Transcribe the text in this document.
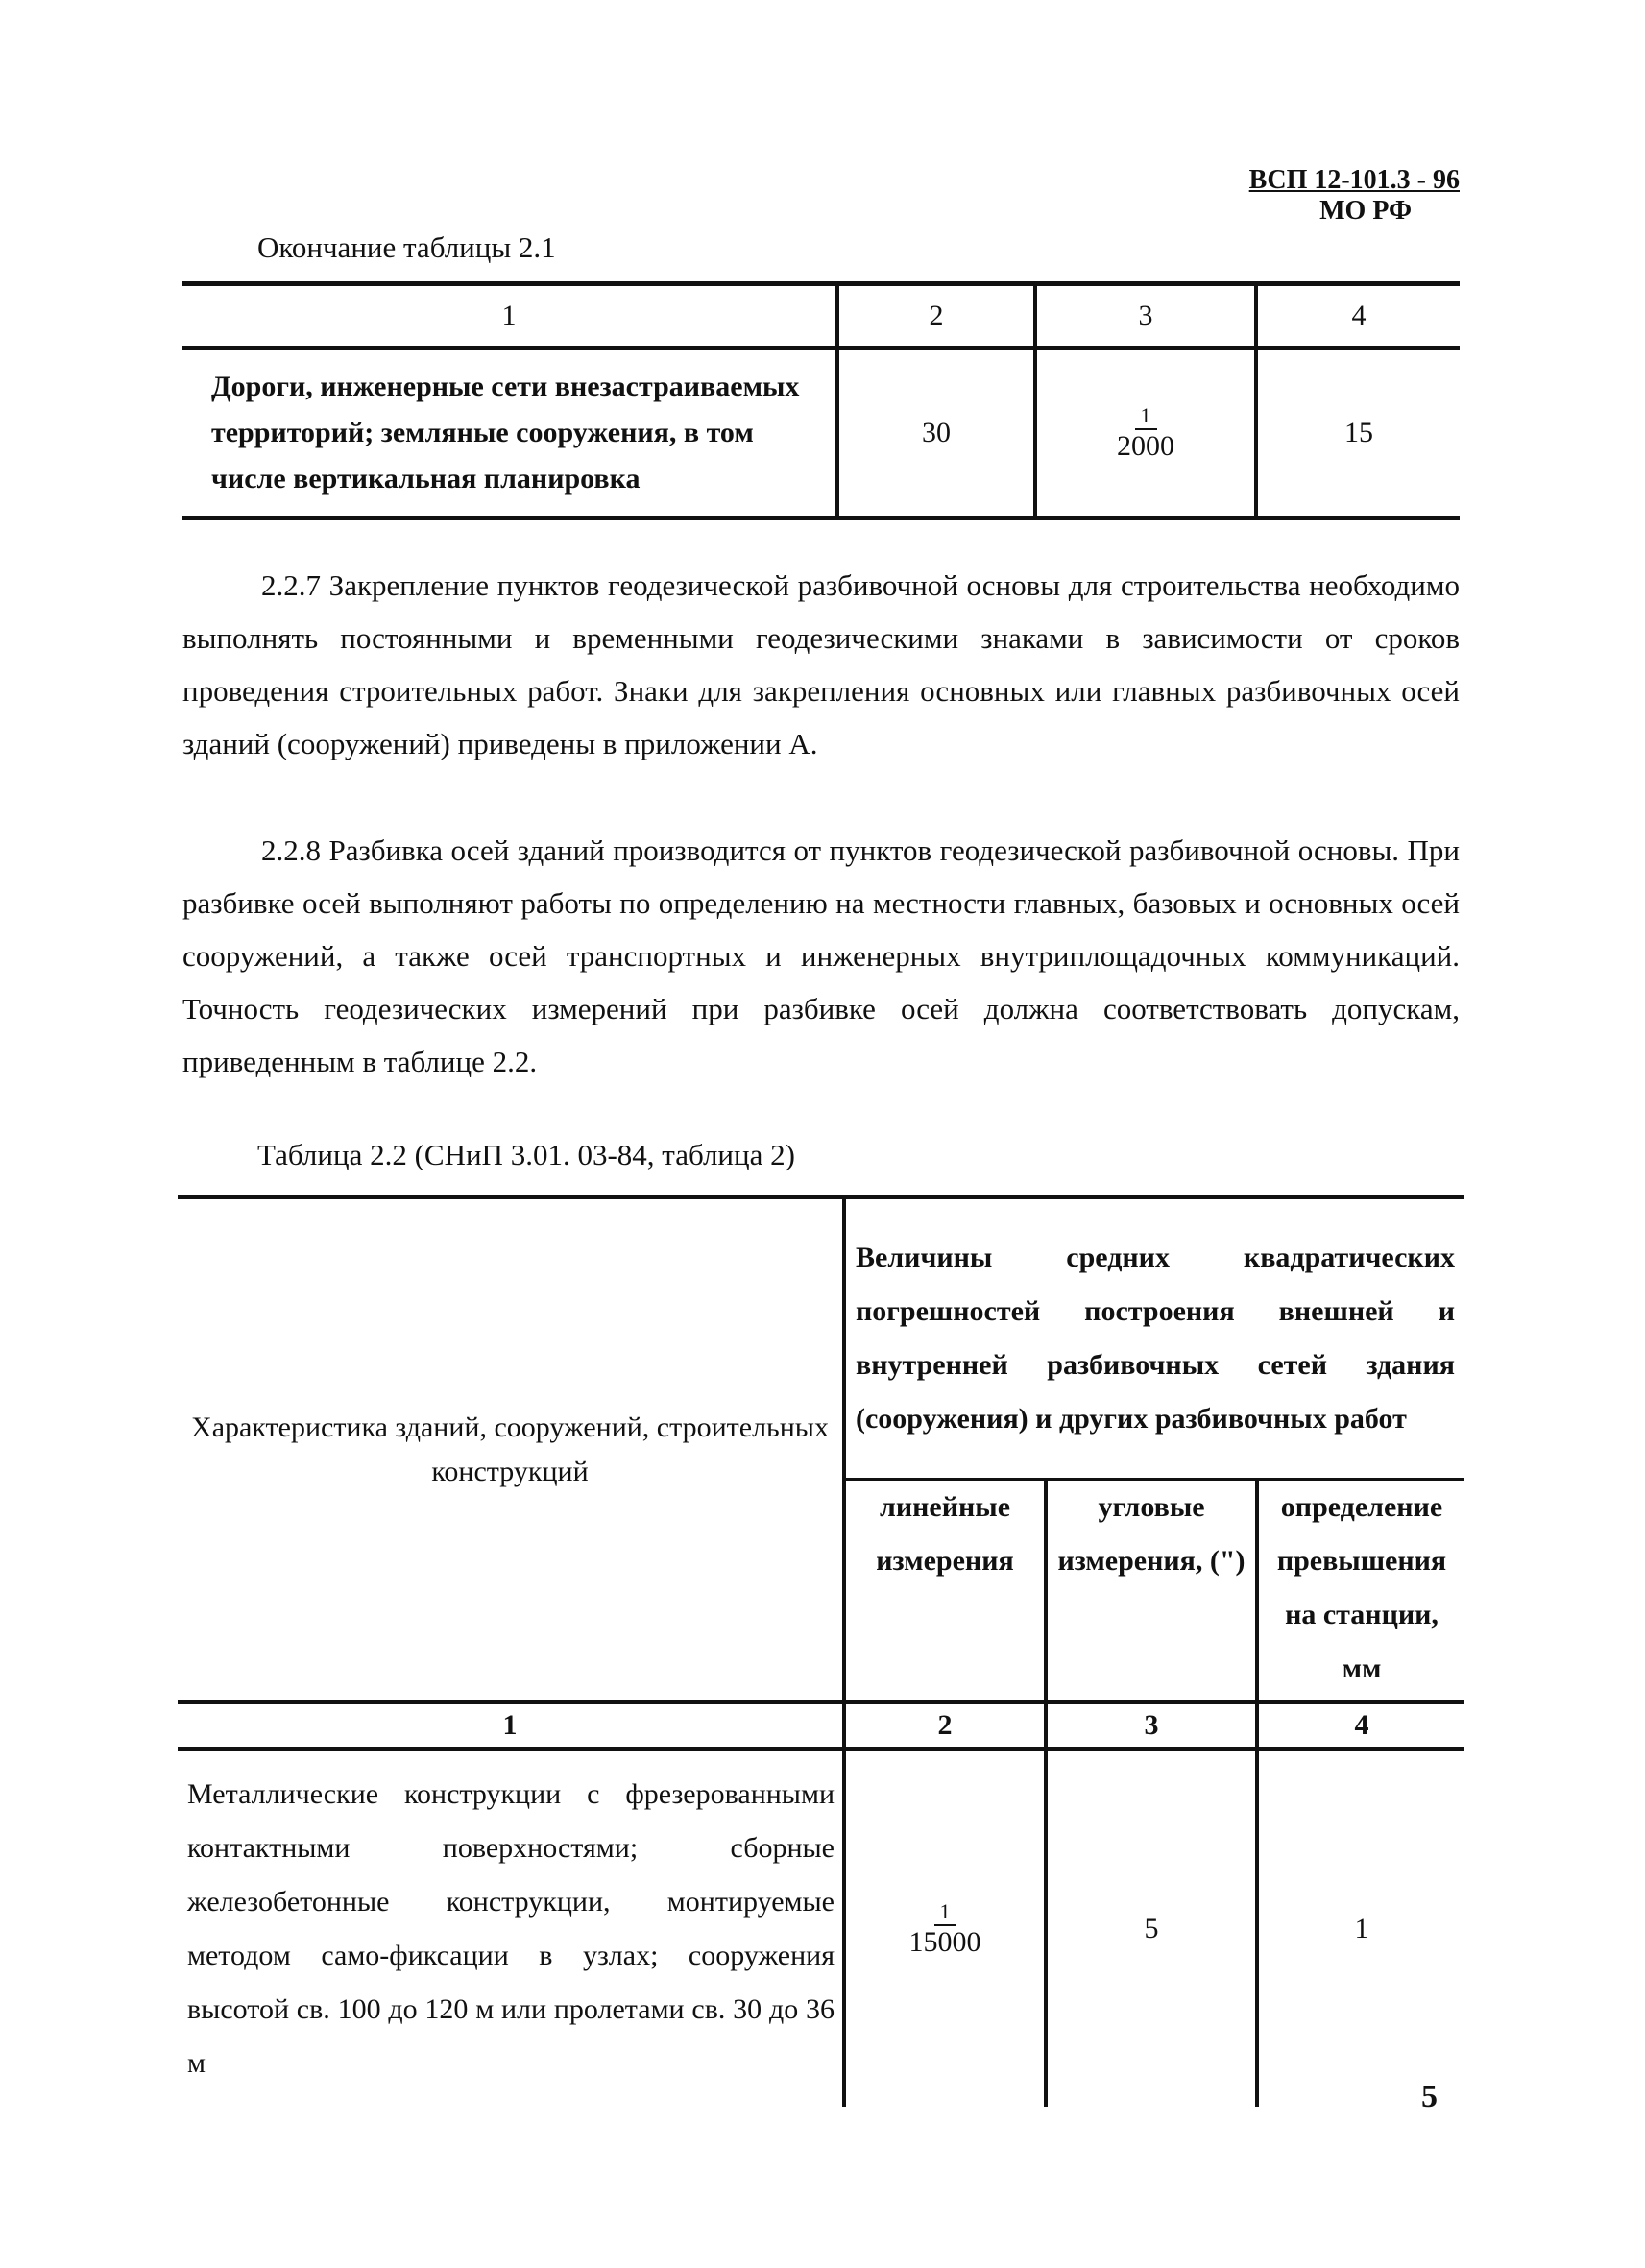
ВСП 12-101.3 - 96
МО РФ
Окончание таблицы 2.1
1	2	3	4
Дороги, инженерные сети внезастраиваемых территорий; земляные сооружения, в том числе вертикальная планировка	30	$\frac{1}{2000}$	15

2.2.7 Закрепление пунктов геодезической разбивочной основы для строительства необходимо выполнять постоянными и временными геодезическими знаками в зависимости от сроков проведения строительных работ. Знаки для закрепления основных или главных разбивочных осей зданий (сооружений) приведены в приложении А.

2.2.8 Разбивка осей зданий производится от пунктов геодезической разбивочной основы. При разбивке осей выполняют работы по определению на местности главных, базовых и основных осей сооружений, а также осей транспортных и инженерных внутриплощадочных коммуникаций. Точность геодезических измерений при разбивке осей должна соответствовать допускам, приведенным в таблице 2.2.

Таблица 2.2 (СНиП 3.01. 03-84, таблица 2)
Характеристика зданий, сооружений, строительных конструкций	Величины средних квадратических погрешностей построения внешней и внутренней разбивочных сетей здания (сооружения) и других разбивочных работ		
	линейные измерения	угловые измерения, (")	определение превышения на станции, мм
1	2	3	4
Металлические конструкции с фрезерованными контактными поверхностями; сборные железобетонные конструкции, монтируемые методом само-фиксации в узлах; сооружения высотой св. 100 до 120 м или пролетами св. 30 до 36 м	$\frac{1}{15000}$	5	1
5
